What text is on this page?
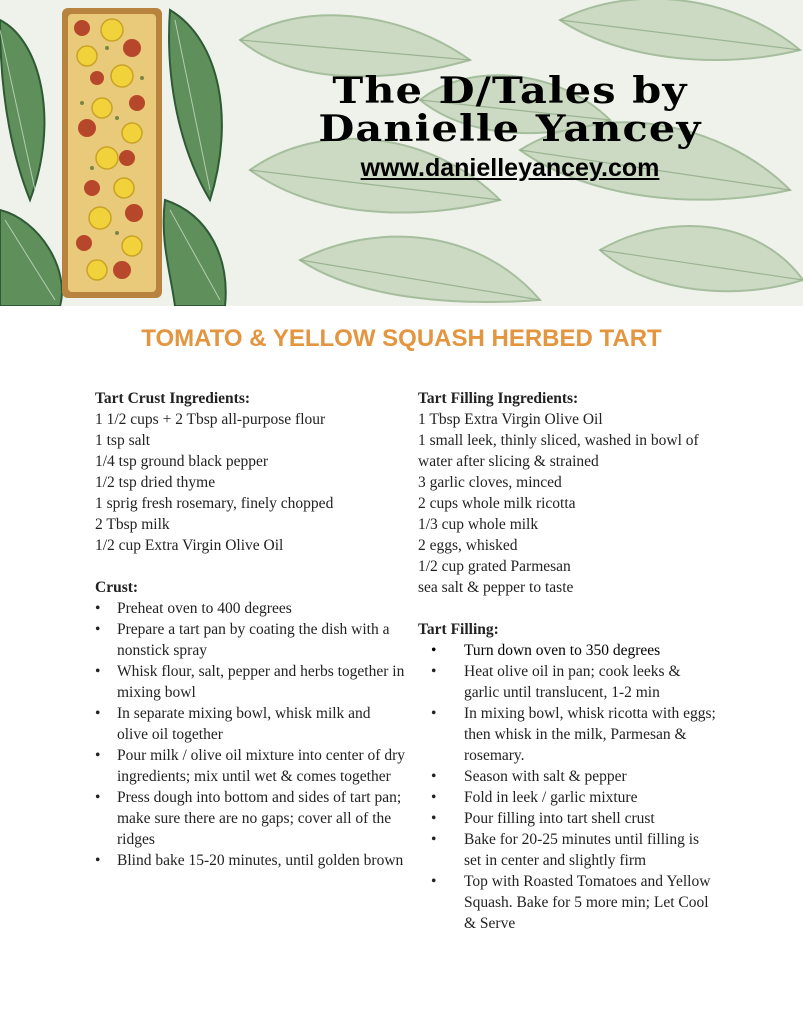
The D/Tales by
Danielle Yancey
www.danielleyancey.com
TOMATO & YELLOW SQUASH HERBED TART
Tart Crust Ingredients:
1 1/2 cups + 2 Tbsp all-purpose flour
1 tsp salt
1/4 tsp ground black pepper
1/2 tsp dried thyme
1 sprig fresh rosemary, finely chopped
2 Tbsp milk
1/2 cup Extra Virgin Olive Oil
Crust:
• Preheat oven to 400 degrees
• Prepare a tart pan by coating the dish with a nonstick spray
• Whisk flour, salt, pepper and herbs together in mixing bowl
• In separate mixing bowl, whisk milk and olive oil together
• Pour milk / olive oil mixture into center of dry ingredients; mix until wet & comes together
• Press dough into bottom and sides of tart pan; make sure there are no gaps; cover all of the ridges
• Blind bake 15-20 minutes, until golden brown
Tart Filling Ingredients:
1 Tbsp Extra Virgin Olive Oil
1 small leek, thinly sliced, washed in bowl of water after slicing & strained
3 garlic cloves, minced
2 cups whole milk ricotta
1/3 cup whole milk
2 eggs, whisked
1/2 cup grated Parmesan
sea salt & pepper to taste
Tart Filling:
• Turn down oven to 350 degrees
• Heat olive oil in pan; cook leeks & garlic until translucent, 1-2 min
• In mixing bowl, whisk ricotta with eggs; then whisk in the milk, Parmesan & rosemary.
• Season with salt & pepper
• Fold in leek / garlic mixture
• Pour filling into tart shell crust
• Bake for 20-25 minutes until filling is set in center and slightly firm
• Top with Roasted Tomatoes and Yellow Squash. Bake for 5 more min; Let Cool & Serve
